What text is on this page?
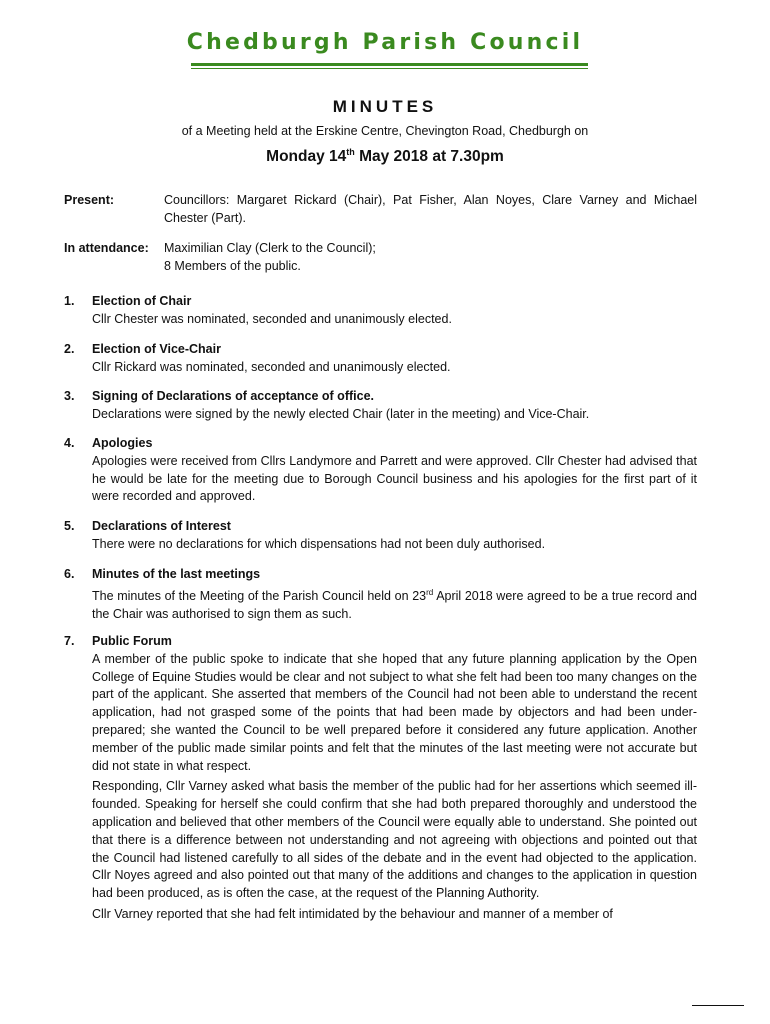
Chedburgh Parish Council
MINUTES
of a Meeting held at the Erskine Centre, Chevington Road, Chedburgh on
Monday 14th May 2018 at 7.30pm
Present:	Councillors: Margaret Rickard (Chair), Pat Fisher, Alan Noyes, Clare Varney and Michael Chester (Part).
In attendance: Maximilian Clay (Clerk to the Council);
8 Members of the public.
1. Election of Chair

Cllr Chester was nominated, seconded and unanimously elected.

2. Election of Vice-Chair

Cllr Rickard was nominated, seconded and unanimously elected.

3. Signing of Declarations of acceptance of office.

Declarations were signed by the newly elected Chair (later in the meeting) and Vice-Chair.

4. Apologies

Apologies were received from Cllrs Landymore and Parrett and were approved. Cllr Chester had advised that he would be late for the meeting due to Borough Council business and his apologies for the first part of it were recorded and approved.

5. Declarations of Interest

There were no declarations for which dispensations had not been duly authorised.

6. Minutes of the last meetings

The minutes of the Meeting of the Parish Council held on 23rd April 2018 were agreed to be a true record and the Chair was authorised to sign them as such.

7. Public Forum

A member of the public spoke to indicate that she hoped that any future planning application by the Open College of Equine Studies would be clear and not subject to what she felt had been too many changes on the part of the applicant. She asserted that members of the Council had not been able to understand the recent application, had not grasped some of the points that had been made by objectors and had been under-prepared; she wanted the Council to be well prepared before it considered any future application. Another member of the public made similar points and felt that the minutes of the last meeting were not accurate but did not state in what respect.

Responding, Cllr Varney asked what basis the member of the public had for her assertions which seemed ill-founded. Speaking for herself she could confirm that she had both prepared thoroughly and understood the application and believed that other members of the Council were equally able to understand. She pointed out that there is a difference between not understanding and not agreeing with objections and pointed out that the Council had listened carefully to all sides of the debate and in the event had objected to the application. Cllr Noyes agreed and also pointed out that many of the additions and changes to the application in question had been produced, as is often the case, at the request of the Planning Authority.

Cllr Varney reported that she had felt intimidated by the behaviour and manner of a member of
